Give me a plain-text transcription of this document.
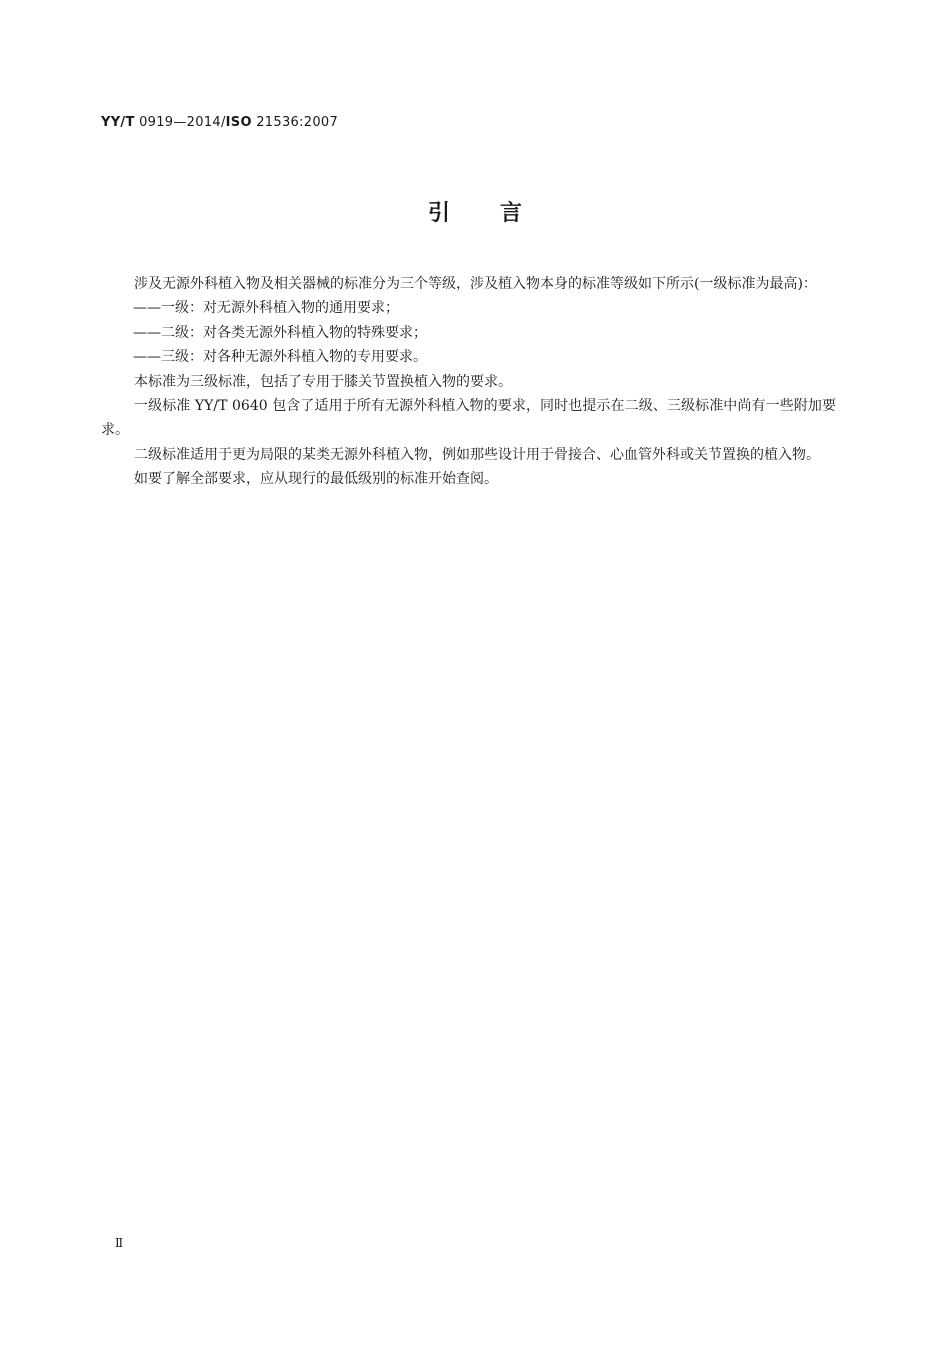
YY/T 0919—2014/ISO 21536:2007
引言

涉及无源外科植入物及相关器械的标准分为三个等级，涉及植入物本身的标准等级如下所示(一级标准为最高)：

——一级：对无源外科植入物的通用要求；

——二级：对各类无源外科植入物的特殊要求；

——三级：对各种无源外科植入物的专用要求。

本标准为三级标准，包括了专用于膝关节置换植入物的要求。

一级标准 YY/T 0640 包含了适用于所有无源外科植入物的要求，同时也提示在二级、三级标准中尚有一些附加要求。

二级标准适用于更为局限的某类无源外科植入物，例如那些设计用于骨接合、心血管外科或关节置换的植入物。

如要了解全部要求，应从现行的最低级别的标准开始查阅。

Ⅱ
